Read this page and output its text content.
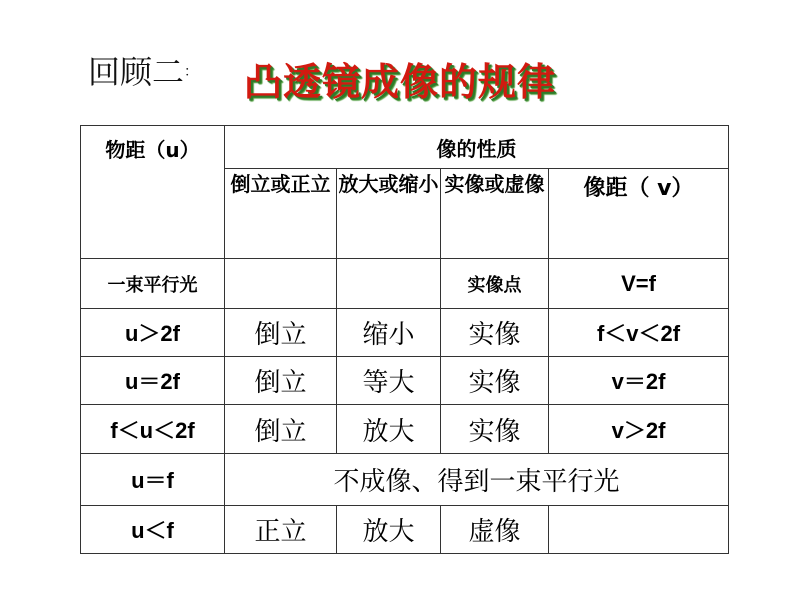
回顾二： 凸透镜成像的规律
物距（u）	像的性质			
	倒立或正立	放大或缩小	实像或虚像	像距（ v）
一束平行光			实像点	V=f
u＞2f	倒立	缩小	实像	f＜v＜2f
u＝2f	倒立	等大	实像	v＝2f
f＜u＜2f	倒立	放大	实像	v＞2f
u＝f	不成像、得到一束平行光			
u＜f	正立	放大	虚像	
